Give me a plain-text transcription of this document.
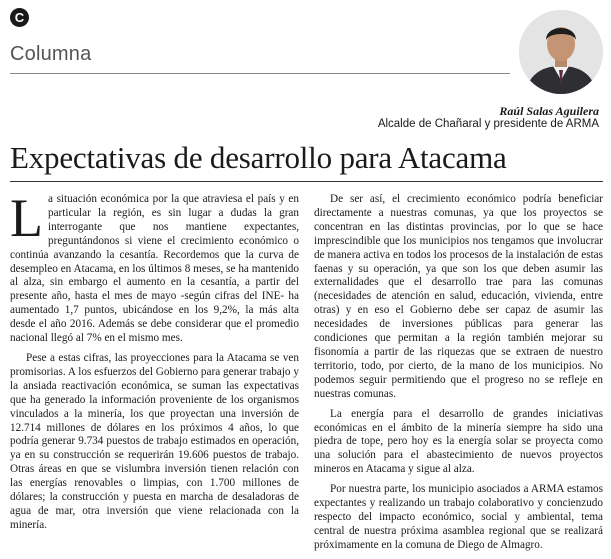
C
Columna
Raúl Salas Aguilera
Alcalde de Chañaral y presidente de ARMA
Expectativas de desarrollo para Atacama

La situación económica por la que atraviesa el país y en particular la región, es sin lugar a dudas la gran interrogante que nos mantiene expectantes, preguntándonos si viene el crecimiento económico o continúa avanzando la cesantía. Recordemos que la curva de desempleo en Atacama, en los últimos 8 meses, se ha mantenido al alza, sin embargo el aumento en la cesantía, a partir del presente año, hasta el mes de mayo -según cifras del INE- ha aumentado 1,7 puntos, ubicándose en los 9,2%, la más alta desde el año 2016. Además se debe considerar que el promedio nacional llegó al 7% en el mismo mes.

Pese a estas cifras, las proyecciones para la Atacama se ven promisorias. A los esfuerzos del Gobierno para generar trabajo y la ansiada reactivación económica, se suman las expectativas que ha generado la información proveniente de los organismos vinculados a la minería, los que proyectan una inversión de 12.714 millones de dólares en los próximos 4 años, lo que podría generar 9.734 puestos de trabajo estimados en operación, ya en su construcción se requerirán 19.606 puestos de trabajo. Otras áreas en que se vislumbra inversión tienen relación con las energías renovables o limpias, con 1.700 millones de dólares; la construcción y puesta en marcha de desaladoras de agua de mar, otra inversión que viene relacionada con la minería.

De ser así, el crecimiento económico podría beneficiar directamente a nuestras comunas, ya que los proyectos se concentran en las distintas provincias, por lo que se hace imprescindible que los municipios nos tengamos que involucrar de manera activa en todos los procesos de la instalación de estas faenas y su operación, ya que son los que deben asumir las externalidades que el desarrollo trae para las comunas (necesidades de atención en salud, educación, vivienda, entre otras) y en eso el Gobierno debe ser capaz de asumir las necesidades de inversiones públicas para generar las condiciones que permitan a la región también mejorar su fisonomía a partir de las riquezas que se extraen de nuestro territorio, todo, por cierto, de la mano de los municipios. No podemos seguir permitiendo que el progreso no se refleje en nuestras comunas.

La energía para el desarrollo de grandes iniciativas económicas en el ámbito de la minería siempre ha sido una piedra de tope, pero hoy es la energía solar se proyecta como una solución para el abastecimiento de nuevos proyectos mineros en Atacama y sigue al alza.

Por nuestra parte, los municipio asociados a ARMA estamos expectantes y realizando un trabajo colaborativo y concienzudo respecto del impacto económico, social y ambiental, tema central de nuestra próxima asamblea regional que se realizará próximamente en la comuna de Diego de Almagro.
